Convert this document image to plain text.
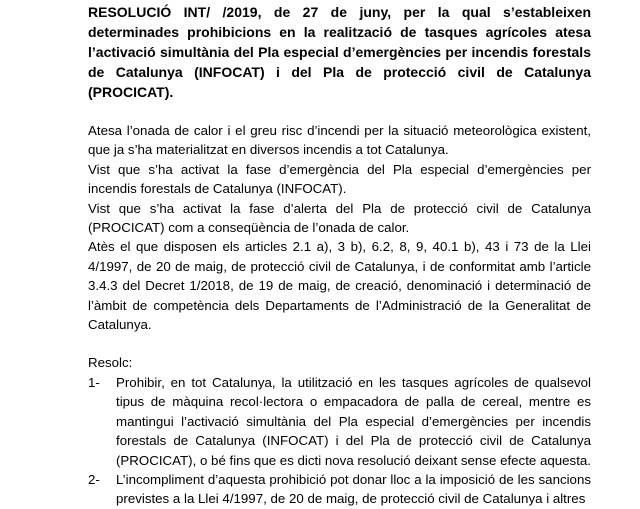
RESOLUCIÓ INT/ /2019, de 27 de juny, per la qual s’estableixen determinades prohibicions en la realització de tasques agrícoles atesa l’activació simultània del Pla especial d’emergències per incendis forestals de Catalunya (INFOCAT) i del Pla de protecció civil de Catalunya (PROCICAT).

Atesa l’onada de calor i el greu risc d’incendi per la situació meteorològica existent, que ja s’ha materialitzat en diversos incendis a tot Catalunya.

Vist que s’ha activat la fase d’emergència del Pla especial d’emergències per incendis forestals de Catalunya (INFOCAT).

Vist que s’ha activat la fase d’alerta del Pla de protecció civil de Catalunya (PROCICAT) com a conseqüència de l’onada de calor.

Atès el que disposen els articles 2.1 a), 3 b), 6.2, 8, 9, 40.1 b), 43 i 73 de la Llei 4/1997, de 20 de maig, de protecció civil de Catalunya, i de conformitat amb l’article 3.4.3 del Decret 1/2018, de 19 de maig, de creació, denominació i determinació de l’àmbit de competència dels Departaments de l’Administració de la Generalitat de Catalunya.

Resolc:

1- Prohibir, en tot Catalunya, la utilització en les tasques agrícoles de qualsevol tipus de màquina recol·lectora o empacadora de palla de cereal, mentre es mantingui l’activació simultània del Pla especial d’emergències per incendis forestals de Catalunya (INFOCAT) i del Pla de protecció civil de Catalunya (PROCICAT), o bé fins que es dicti nova resolució deixant sense efecte aquesta.
2- L’incompliment d’aquesta prohibició pot donar lloc a la imposició de les sancions previstes a la Llei 4/1997, de 20 de maig, de protecció civil de Catalunya i altres
